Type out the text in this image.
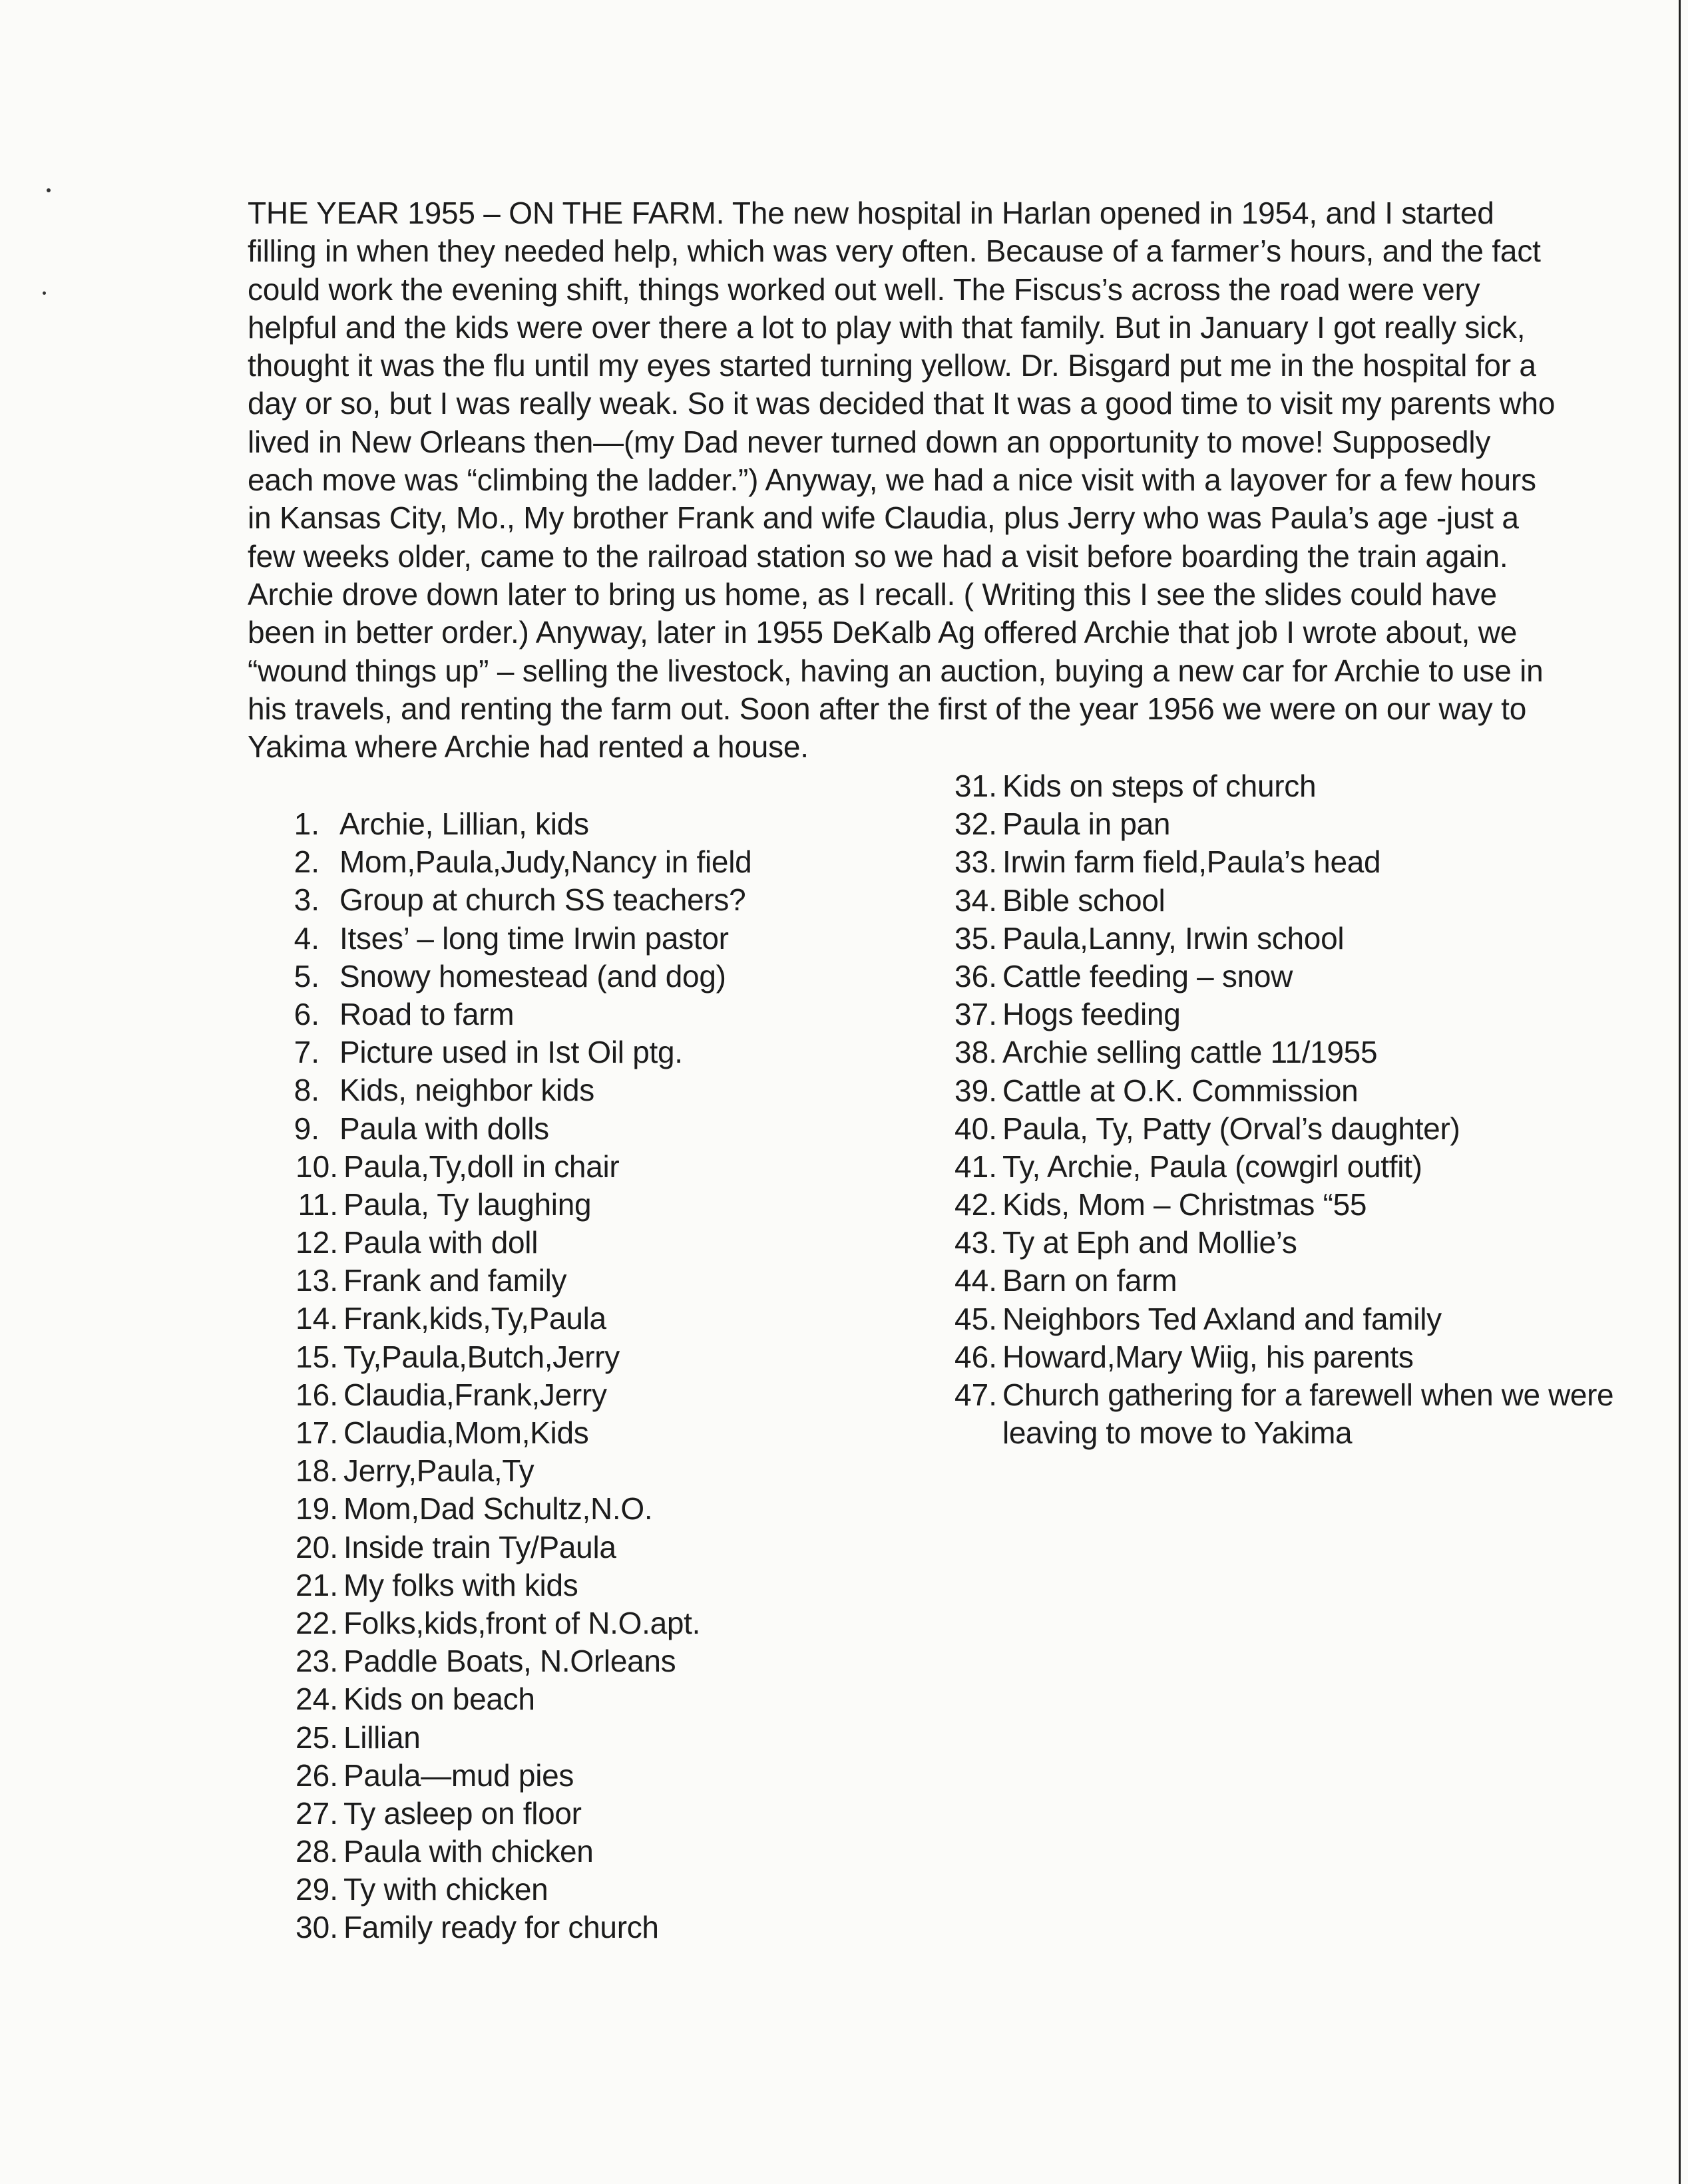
THE YEAR 1955 – ON THE FARM. The new hospital in Harlan opened in 1954, and I started
filling in when they needed help, which was very often. Because of a farmer’s hours, and the fact
could work the evening shift, things worked out well. The Fiscus’s across the road were very
helpful and the kids were over there a lot to play with that family. But in January I got really sick,
thought it was the flu until my eyes started turning yellow. Dr. Bisgard put me in the hospital for a
day or so, but I was really weak. So it was decided that It was a good time to visit my parents who
lived in New Orleans then—(my Dad never turned down an opportunity to move! Supposedly
each move was “climbing the ladder.”) Anyway, we had a nice visit with a layover for a few hours
in Kansas City, Mo., My brother Frank and wife Claudia, plus Jerry who was Paula’s age -just a
few weeks older, came to the railroad station so we had a visit before boarding the train again.
Archie drove down later to bring us home, as I recall. ( Writing this I see the slides could have
been in better order.) Anyway, later in 1955 DeKalb Ag offered Archie that job I wrote about, we
“wound things up” – selling the livestock, having an auction, buying a new car for Archie to use in
his travels, and renting the farm out. Soon after the first of the year 1956 we were on our way to
Yakima where Archie had rented a house.
1. Archie, Lillian, kids
2. Mom,Paula,Judy,Nancy in field
3. Group at church SS teachers?
4. Itses’ – long time Irwin pastor
5. Snowy homestead (and dog)
6. Road to farm
7. Picture used in Ist Oil ptg.
8. Kids, neighbor kids
9. Paula with dolls
10. Paula,Ty,doll in chair
11. Paula, Ty laughing
12. Paula with doll
13. Frank and family
14. Frank,kids,Ty,Paula
15. Ty,Paula,Butch,Jerry
16. Claudia,Frank,Jerry
17. Claudia,Mom,Kids
18. Jerry,Paula,Ty
19. Mom,Dad Schultz,N.O.
20. Inside train Ty/Paula
21. My folks with kids
22. Folks,kids,front of N.O.apt.
23. Paddle Boats, N.Orleans
24. Kids on beach
25. Lillian
26. Paula—mud pies
27. Ty asleep on floor
28. Paula with chicken
29. Ty with chicken
30. Family ready for church
31. Kids on steps of church
32. Paula in pan
33. Irwin farm field,Paula’s head
34. Bible school
35. Paula,Lanny, Irwin school
36. Cattle feeding – snow
37. Hogs feeding
38. Archie selling cattle 11/1955
39. Cattle at O.K. Commission
40. Paula, Ty, Patty (Orval’s daughter)
41. Ty, Archie, Paula (cowgirl outfit)
42. Kids, Mom – Christmas “55
43. Ty at Eph and Mollie’s
44. Barn on farm
45. Neighbors Ted Axland and family
46. Howard,Mary Wiig, his parents
47. Church gathering for a farewell when we were leaving to move to Yakima
